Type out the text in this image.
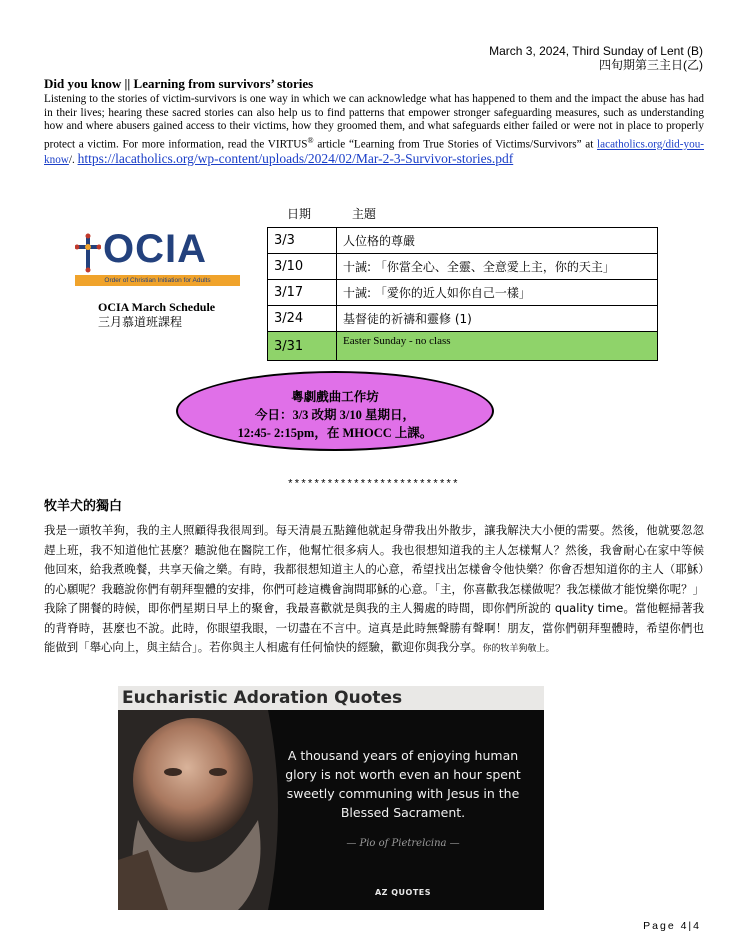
March 3, 2024, Third Sunday of Lent (B)
四旬期第三主日(乙)
Did you know || Learning from survivors’ stories
Listening to the stories of victim-survivors is one way in which we can acknowledge what has happened to them and the impact the abuse has had in their lives; hearing these sacred stories can also help us to find patterns that empower stronger safeguarding measures, such as understanding how and where abusers gained access to their victims, how they groomed them, and what safeguards either failed or were not in place to properly protect a victim. For more information, read the VIRTUS® article “Learning from True Stories of Victims/Survivors” at lacatholics.org/did-you-know/. https://lacatholics.org/wp-content/uploads/2024/02/Mar-2-3-Survivor-stories.pdf
日期	主題
OCIA
Order of Christian Initiation for Adults
OCIA March Schedule
三月慕道班課程
3/3	人位格的尊嚴
3/10	十誡: 「你當全心、全靈、全意愛上主，你的天主」
3/17	十誡: 「愛你的近人如你自己一樣」
3/24	基督徒的祈禱和靈修 (1)
3/31	Easter Sunday - no class
粵劇戲曲工作坊
今日：3/3 改期 3/10 星期日，
12:45- 2:15pm，在 MHOCC 上課。
**************************
牧羊犬的獨白
我是一頭牧羊狗，我的主人照顧得我很周到。每天清晨五點鐘他就起身帶我出外散步，讓我解決大小便的需要。然後，他就要忽忽趕上班，我不知道他忙甚麼？聽說他在醫院工作，他幫忙很多病人。我也很想知道我的主人怎樣幫人？然後，我會耐心在家中等候他回來，給我煮晚餐，共享天倫之樂。有時，我都很想知道主人的心意，希望找出怎樣會令他快樂？你會否想知道你的主人（耶穌）的心願呢？我聽說你們有朝拜聖體的安排，你們可趁這機會詢問耶穌的心意。「主，你喜歡我怎樣做呢？我怎樣做才能悅樂你呢？」我除了開餐的時候，即你們星期日早上的聚會，我最喜歡就是與我的主人獨處的時間，即你們所說的 quality time。當他輕掃著我的背脊時，甚麼也不說。此時，你眼望我眼，一切盡在不言中。這真是此時無聲勝有聲啊！朋友，當你們朝拜聖體時，希望你們也能做到「舉心向上，與主結合」。若你與主人相處有任何愉快的經驗，歡迎你與我分享。你的牧羊狗敬上。
Eucharistic Adoration Quotes
A thousand years of enjoying human glory is not worth even an hour spent sweetly communing with Jesus in the Blessed Sacrament.
— Pio of Pietrelcina —
AZ QUOTES
Page 4|4
